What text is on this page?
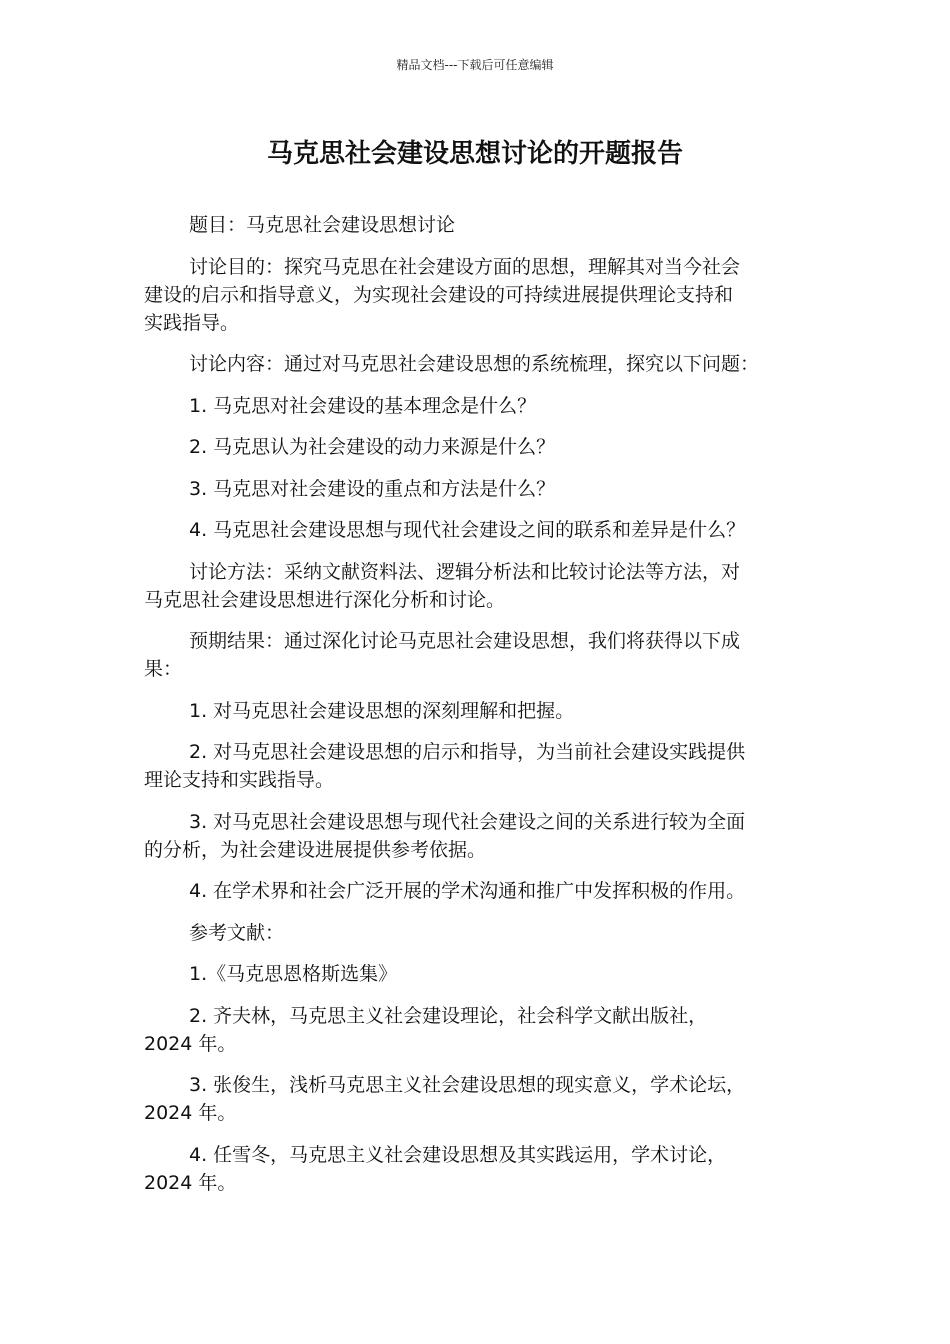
精品文档---下载后可任意编辑
马克思社会建设思想讨论的开题报告

题目：马克思社会建设思想讨论

讨论目的：探究马克思在社会建设方面的思想，理解其对当今社会
建设的启示和指导意义，为实现社会建设的可持续进展提供理论支持和
实践指导。

讨论内容：通过对马克思社会建设思想的系统梳理，探究以下问题：

1. 马克思对社会建设的基本理念是什么？

2. 马克思认为社会建设的动力来源是什么？

3. 马克思对社会建设的重点和方法是什么？

4. 马克思社会建设思想与现代社会建设之间的联系和差异是什么？

讨论方法：采纳文献资料法、逻辑分析法和比较讨论法等方法，对
马克思社会建设思想进行深化分析和讨论。

预期结果：通过深化讨论马克思社会建设思想，我们将获得以下成
果：

1. 对马克思社会建设思想的深刻理解和把握。

2. 对马克思社会建设思想的启示和指导，为当前社会建设实践提供
理论支持和实践指导。

3. 对马克思社会建设思想与现代社会建设之间的关系进行较为全面
的分析，为社会建设进展提供参考依据。

4. 在学术界和社会广泛开展的学术沟通和推广中发挥积极的作用。

参考文献：

1.《马克思恩格斯选集》

2. 齐夫林，马克思主义社会建设理论，社会科学文献出版社，
2024 年。

3. 张俊生，浅析马克思主义社会建设思想的现实意义，学术论坛，
2024 年。

4. 任雪冬，马克思主义社会建设思想及其实践运用，学术讨论，
2024 年。
